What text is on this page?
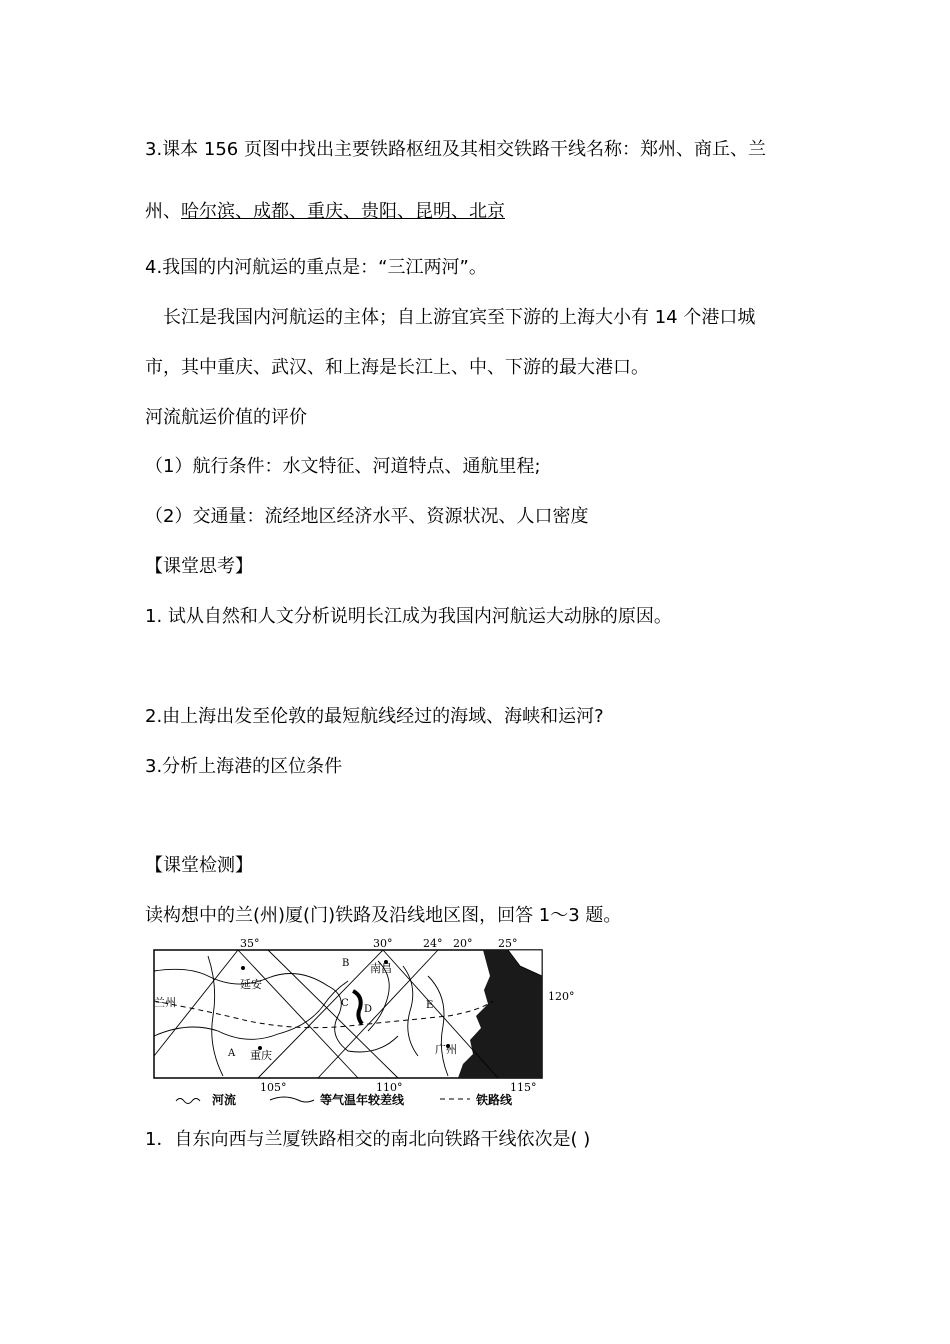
3.课本 156 页图中找出主要铁路枢纽及其相交铁路干线名称：郑州、商丘、兰
州、哈尔滨、成都、重庆、贵阳、昆明、北京
4.我国的内河航运的重点是：“三江两河”。
长江是我国内河航运的主体；自上游宜宾至下游的上海大小有 14 个港口城
市，其中重庆、武汉、和上海是长江上、中、下游的最大港口。
河流航运价值的评价
（1）航行条件：水文特征、河道特点、通航里程;
（2）交通量：流经地区经济水平、资源状况、人口密度
【课堂思考】
1. 试从自然和人文分析说明长江成为我国内河航运大动脉的原因。
2.由上海出发至伦敦的最短航线经过的海域、海峡和运河?
3.分析上海港的区位条件
【课堂检测】
读构想中的兰(州)厦(门)铁路及沿线地区图，回答 1～3 题。
35°	30°	24° 20° 25°
延安
兰州
南昌
重庆	广州
A
B
C
D	E
120°
105°	110°	115°
河流	等气温年较差线	铁路线
1．自东向西与兰厦铁路相交的南北向铁路干线依次是( )
